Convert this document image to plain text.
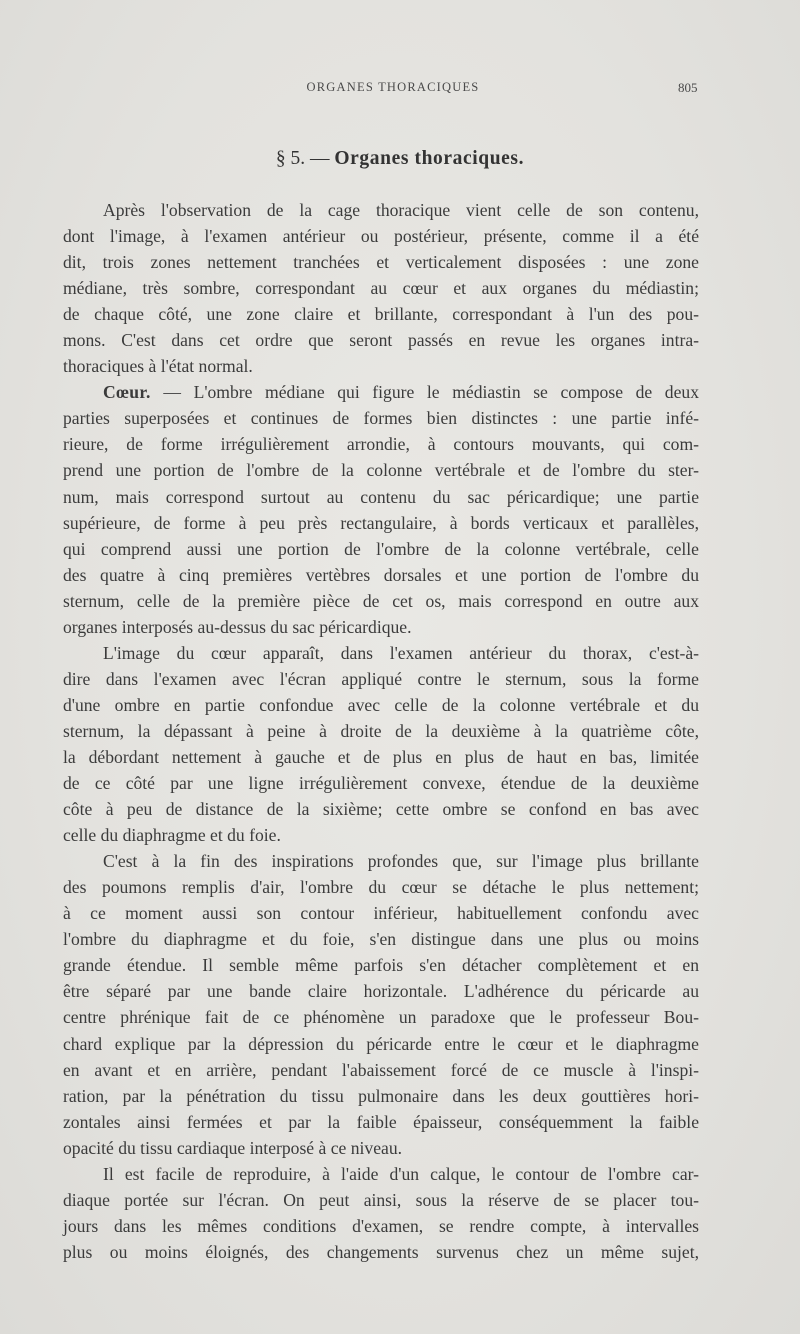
ORGANES THORACIQUES	805
§ 5. — Organes thoraciques.
Après l'observation de la cage thoracique vient celle de son contenu,
dont l'image, à l'examen antérieur ou postérieur, présente, comme il a été
dit, trois zones nettement tranchées et verticalement disposées : une zone
médiane, très sombre, correspondant au cœur et aux organes du médiastin;
de chaque côté, une zone claire et brillante, correspondant à l'un des pou-
mons. C'est dans cet ordre que seront passés en revue les organes intra-
thoraciques à l'état normal.
Cœur. — L'ombre médiane qui figure le médiastin se compose de deux
parties superposées et continues de formes bien distinctes : une partie infé-
rieure, de forme irrégulièrement arrondie, à contours mouvants, qui com-
prend une portion de l'ombre de la colonne vertébrale et de l'ombre du ster-
num, mais correspond surtout au contenu du sac péricardique; une partie
supérieure, de forme à peu près rectangulaire, à bords verticaux et parallèles,
qui comprend aussi une portion de l'ombre de la colonne vertébrale, celle
des quatre à cinq premières vertèbres dorsales et une portion de l'ombre du
sternum, celle de la première pièce de cet os, mais correspond en outre aux
organes interposés au-dessus du sac péricardique.
L'image du cœur apparaît, dans l'examen antérieur du thorax, c'est-à-
dire dans l'examen avec l'écran appliqué contre le sternum, sous la forme
d'une ombre en partie confondue avec celle de la colonne vertébrale et du
sternum, la dépassant à peine à droite de la deuxième à la quatrième côte,
la débordant nettement à gauche et de plus en plus de haut en bas, limitée
de ce côté par une ligne irrégulièrement convexe, étendue de la deuxième
côte à peu de distance de la sixième; cette ombre se confond en bas avec
celle du diaphragme et du foie.
C'est à la fin des inspirations profondes que, sur l'image plus brillante
des poumons remplis d'air, l'ombre du cœur se détache le plus nettement;
à ce moment aussi son contour inférieur, habituellement confondu avec
l'ombre du diaphragme et du foie, s'en distingue dans une plus ou moins
grande étendue. Il semble même parfois s'en détacher complètement et en
être séparé par une bande claire horizontale. L'adhérence du péricarde au
centre phrénique fait de ce phénomène un paradoxe que le professeur Bou-
chard explique par la dépression du péricarde entre le cœur et le diaphragme
en avant et en arrière, pendant l'abaissement forcé de ce muscle à l'inspi-
ration, par la pénétration du tissu pulmonaire dans les deux gouttières hori-
zontales ainsi fermées et par la faible épaisseur, conséquemment la faible
opacité du tissu cardiaque interposé à ce niveau.
Il est facile de reproduire, à l'aide d'un calque, le contour de l'ombre car-
diaque portée sur l'écran. On peut ainsi, sous la réserve de se placer tou-
jours dans les mêmes conditions d'examen, se rendre compte, à intervalles
plus ou moins éloignés, des changements survenus chez un même sujet,
